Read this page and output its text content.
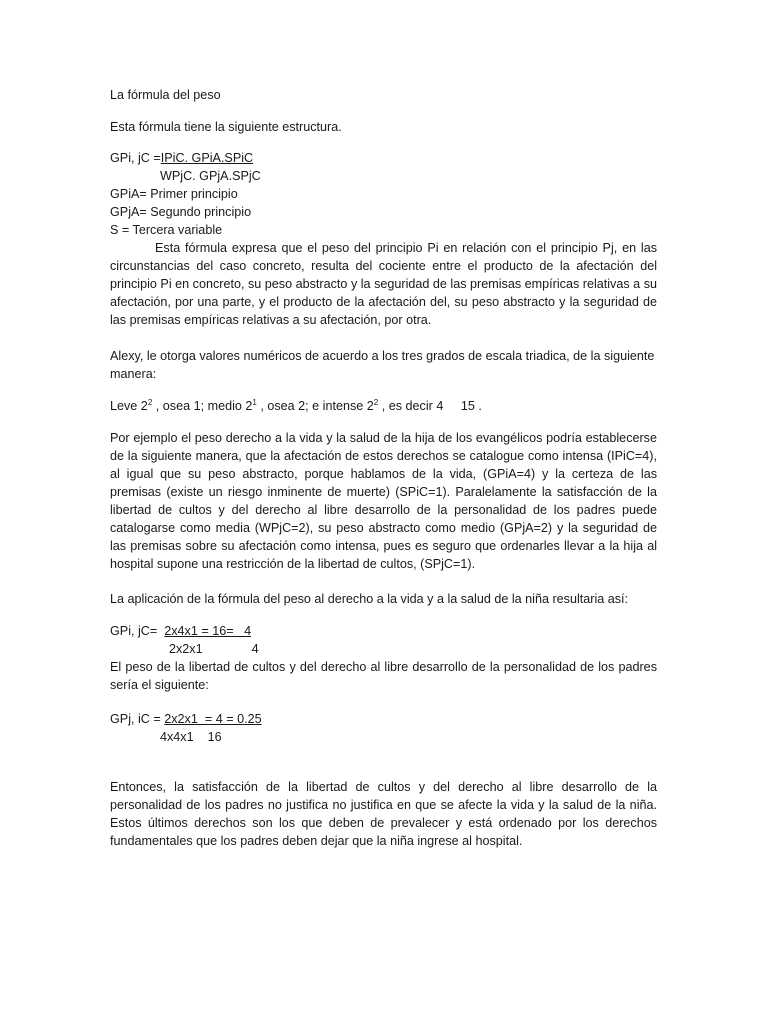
La fórmula del peso
Esta fórmula tiene la siguiente estructura.
GPi, jC =IPiC. GPiA.SPiC
WPjC. GPjA.SPjC
GPiA= Primer principio
GPjA= Segundo principio
S = Tercera variable

Esta fórmula expresa que el peso del principio Pi en relación con el principio Pj, en las circunstancias del caso concreto, resulta del cociente entre el producto de la afectación del principio Pi en concreto, su peso abstracto y la seguridad de las premisas empíricas relativas a su afectación, por una parte, y el producto de la afectación del, su peso abstracto y la seguridad de las premisas empíricas relativas a su afectación, por otra.

Alexy, le otorga valores numéricos de acuerdo a los tres grados de escala triadica, de la siguiente manera:

Leve $2^2$ , osea 1; medio $2^1$ , osea 2; e intense $2^2$ , es decir 4     15 .

Por ejemplo el peso derecho a la vida y la salud de la hija de los evangélicos podría establecerse de la siguiente manera, que la afectación de estos derechos se catalogue como intensa (IPiC=4), al igual que su peso abstracto, porque hablamos de la vida, (GPiA=4) y la certeza de las premisas (existe un riesgo inminente de muerte) (SPiC=1). Paralelamente la satisfacción de la libertad de cultos y del derecho al libre desarrollo de la personalidad de los padres puede catalogarse como media (WPjC=2), su peso abstracto como medio (GPjA=2) y la seguridad de las premisas sobre su afectación como intensa, pues es seguro que ordenarles llevar a la hija al hospital supone una restricción de la libertad de cultos, (SPjC=1).

La aplicación de la fórmula del peso al derecho a la vida y a la salud de la niña resultaria así:

GPi, jC= 2x4x1 = 16=   4
2x2x1              4

El peso de la libertad de cultos y del derecho al libre desarrollo de la personalidad de los padres sería el siguiente:

GPj, iC = 2x2x1  = 4 = 0.25
4x4x1    16

Entonces, la satisfacción de la libertad de cultos y del derecho al libre desarrollo de la personalidad de los padres no justifica no justifica en que se afecte la vida y la salud de la niña. Estos últimos derechos son los que deben de prevalecer y está ordenado por los derechos fundamentales que los padres deben dejar que la niña ingrese al hospital.
